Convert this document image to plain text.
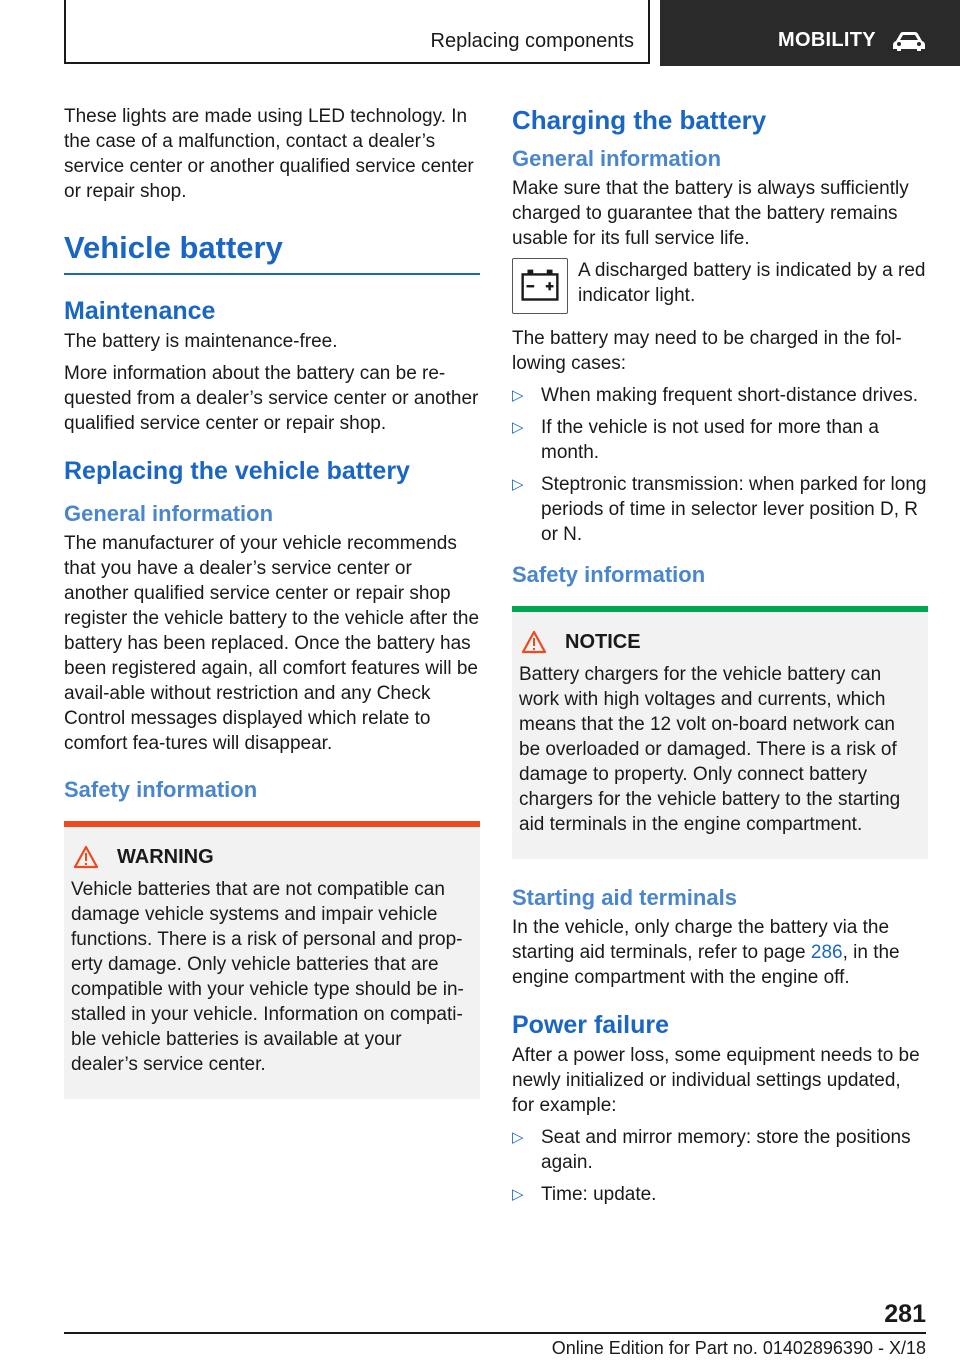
Replacing components	MOBILITY

These lights are made using LED technology. In the case of a malfunction, contact a dealer’s service center or another qualified service center or repair shop.

Vehicle battery
Maintenance

The battery is maintenance-free.

More information about the battery can be re-quested from a dealer’s service center or another qualified service center or repair shop.

Replacing the vehicle battery
General information

The manufacturer of your vehicle recommends that you have a dealer’s service center or another qualified service center or repair shop register the vehicle battery to the vehicle after the battery has been replaced. Once the battery has been registered again, all comfort features will be avail-able without restriction and any Check Control messages displayed which relate to comfort fea-tures will disappear.

Safety information
WARNING

Vehicle batteries that are not compatible can damage vehicle systems and impair vehicle functions. There is a risk of personal and prop-erty damage. Only vehicle batteries that are compatible with your vehicle type should be in-stalled in your vehicle. Information on compati-ble vehicle batteries is available at your dealer’s service center.

Charging the battery
General information

Make sure that the battery is always sufficiently charged to guarantee that the battery remains usable for its full service life.

A discharged battery is indicated by a red indicator light.

The battery may need to be charged in the fol-lowing cases:

▷ When making frequent short-distance drives.
▷ If the vehicle is not used for more than a month.
▷ Steptronic transmission: when parked for long periods of time in selector lever position D, R or N.
Safety information
NOTICE

Battery chargers for the vehicle battery can work with high voltages and currents, which means that the 12 volt on-board network can be overloaded or damaged. There is a risk of damage to property. Only connect battery chargers for the vehicle battery to the starting aid terminals in the engine compartment.

Starting aid terminals

In the vehicle, only charge the battery via the starting aid terminals, refer to page 286, in the engine compartment with the engine off.

Power failure

After a power loss, some equipment needs to be newly initialized or individual settings updated, for example:

▷ Seat and mirror memory: store the positions again.
▷ Time: update.
281
Online Edition for Part no. 01402896390 - X/18
